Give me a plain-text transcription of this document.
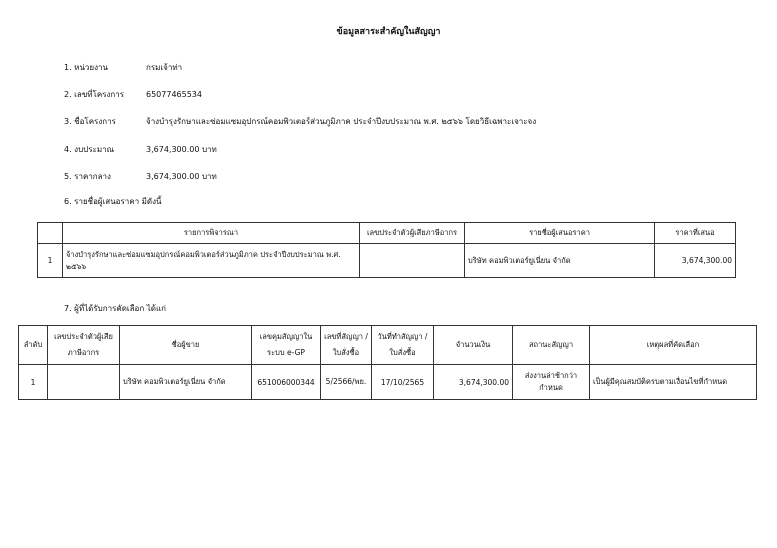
ข้อมูลสาระสำคัญในสัญญา
1. หน่วยงาน	กรมเจ้าท่า
2. เลขที่โครงการ	65077465534
3. ชื่อโครงการ	จ้างบำรุงรักษาและซ่อมแซมอุปกรณ์คอมพิวเตอร์ส่วนภูมิภาค ประจำปีงบประมาณ พ.ศ. ๒๕๖๖ โดยวิธีเฉพาะเจาะจง
4. งบประมาณ	3,674,300.00 บาท
5. ราคากลาง	3,674,300.00 บาท
6. รายชื่อผู้เสนอราคา มีดังนี้
	รายการพิจารณา	เลขประจำตัวผู้เสียภาษีอากร	รายชื่อผู้เสนอราคา	ราคาที่เสนอ
1	จ้างบำรุงรักษาและซ่อมแซมอุปกรณ์คอมพิวเตอร์ส่วนภูมิภาค ประจำปีงบประมาณ พ.ศ. ๒๕๖๖		บริษัท คอมพิวเตอร์ยูเนี่ยน จำกัด	3,674,300.00
7. ผู้ที่ได้รับการคัดเลือก ได้แก่
ลำดับ	เลขประจำตัวผู้เสียภาษีอากร	ชื่อผู้ขาย	เลขคุมสัญญาในระบบ e-GP	เลขที่สัญญา / ใบสั่งซื้อ	วันที่ทำสัญญา / ใบสั่งซื้อ	จำนวนเงิน	สถานะสัญญา	เหตุผลที่คัดเลือก
1		บริษัท คอมพิวเตอร์ยูเนี่ยน จำกัด	651006000344	5/2566/พย.	17/10/2565	3,674,300.00	ส่งงานล่าช้ากว่ากำหนด	เป็นผู้มีคุณสมบัติครบตามเงื่อนไขที่กำหนด
